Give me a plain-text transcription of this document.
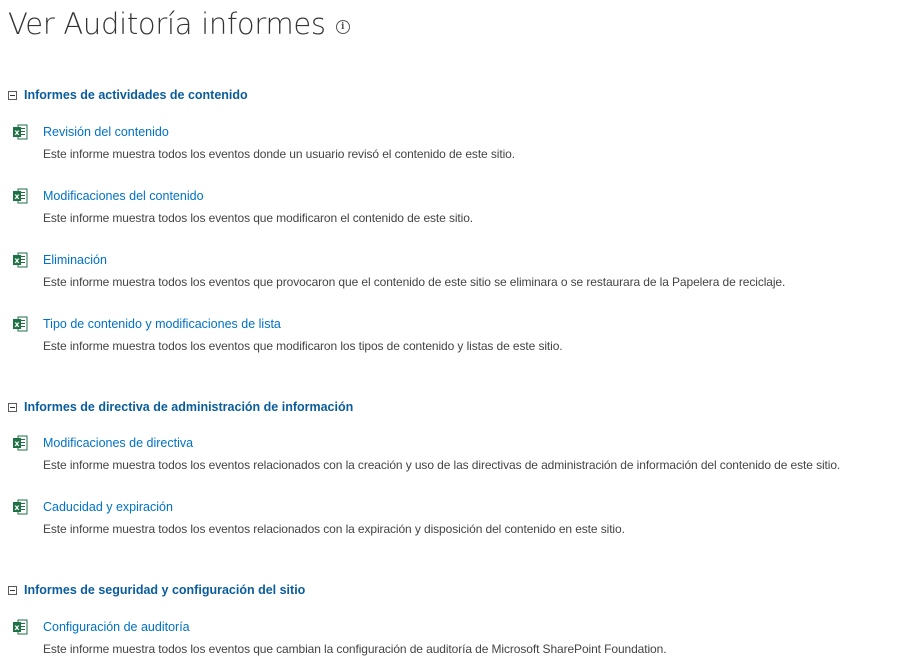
Ver Auditoría informes	i
Informes de actividades de contenido
x Revisión del contenido
Este informe muestra todos los eventos donde un usuario revisó el contenido de este sitio.
x Modificaciones del contenido
Este informe muestra todos los eventos que modificaron el contenido de este sitio.
x Eliminación
Este informe muestra todos los eventos que provocaron que el contenido de este sitio se eliminara o se restaurara de la Papelera de reciclaje.
x Tipo de contenido y modificaciones de lista
Este informe muestra todos los eventos que modificaron los tipos de contenido y listas de este sitio.
Informes de directiva de administración de información
x Modificaciones de directiva
Este informe muestra todos los eventos relacionados con la creación y uso de las directivas de administración de información del contenido de este sitio.
x Caducidad y expiración
Este informe muestra todos los eventos relacionados con la expiración y disposición del contenido en este sitio.
Informes de seguridad y configuración del sitio
x Configuración de auditoría
Este informe muestra todos los eventos que cambian la configuración de auditoría de Microsoft SharePoint Foundation.
